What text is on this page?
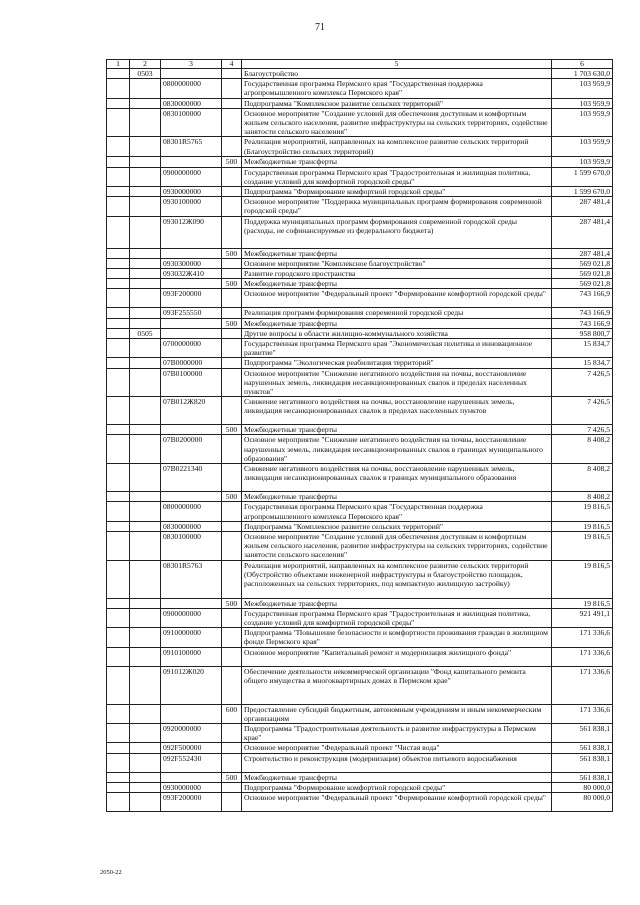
71
1	2	3	4	5	6
	0503			Благоустройство	1 703 630,0
		0800000000		Государственная программа Пермского края "Государственная поддержка агропромышленного комплекса Пермского края"	103 959,9
		0830000000		Подпрограмма "Комплексное развитие сельских территорий"	103 959,9
		0830100000		Основное мероприятие "Создание условий для обеспечения доступным и комфортным жильем сельского населения, развитие инфраструктуры на сельских территориях, содействие занятости сельского населения"	103 959,9
		08301R5765		Реализация мероприятий, направленных на комплексное развитие сельских территорий (Благоустройство сельских территорий)	103 959,9
			500	Межбюджетные трансферты	103 959,9
		0900000000		Государственная программа Пермского края "Градостроительная и жилищная политика, создание условий для комфортной городской среды"	1 599 670,0
		0930000000		Подпрограмма "Формирование комфортной городской среды"	1 599 670,0
		0930100000		Основное мероприятие "Поддержка муниципальных программ формирования современной городской среды"	287 481,4
		093012Ж090		Поддержка муниципальных программ формирования современной городской среды (расходы, не софинансируемые из федерального бюджета)	287 481,4
			500	Межбюджетные трансферты	287 481,4
		0930300000		Основное мероприятие "Комплексное благоустройство"	569 021,8
		093032Ж410		Развитие городского пространства	569 021,8
			500	Межбюджетные трансферты	569 021,8
		093F200000		Основное мероприятие "Федеральный проект "Формирование комфортной городской среды"	743 166,9
		093F255550		Реализация программ формирования современной городской среды	743 166,9
			500	Межбюджетные трансферты	743 166,9
	0505			Другие вопросы в области жилищно-коммунального хозяйства	958 800,7
		0700000000		Государственная программа Пермского края "Экономическая политика и инновационное развитие"	15 834,7
		07B0000000		Подпрограмма "Экологическая реабилитация территорий"	15 834,7
		07B0100000		Основное мероприятие "Снижение негативного воздействия на почвы, восстановление нарушенных земель, ликвидация несанкционированных свалок в пределах населенных пунктов"	7 426,5
		07B012Ж820		Снижение негативного воздействия на почвы, восстановление нарушенных земель, ликвидация несанкционированных свалок в пределах населенных пунктов	7 426,5
			500	Межбюджетные трансферты	7 426,5
		07B0200000		Основное мероприятие "Снижение негативного воздействия на почвы, восстановление нарушенных земель, ликвидация несанкционированных свалок в границах муниципального образования"	8 408,2
		07B0221340		Снижение негативного воздействия на почвы, восстановление нарушенных земель, ликвидация несанкционированных свалок в границах муниципального образования	8 408,2
			500	Межбюджетные трансферты	8 408,2
		0800000000		Государственная программа Пермского края "Государственная поддержка агропромышленного комплекса Пермского края"	19 816,5
		0830000000		Подпрограмма "Комплексное развитие сельских территорий"	19 816,5
		0830100000		Основное мероприятие "Создание условий для обеспечения доступным и комфортным жильем сельского населения, развитие инфраструктуры на сельских территориях, содействие занятости сельского населения"	19 816,5
		08301R5763		Реализация мероприятий, направленных на комплексное развитие сельских территорий (Обустройство объектами инженерной инфраструктуры и благоустройство площадок, расположенных на сельских территориях, под компактную жилищную застройку)	19 816,5
			500	Межбюджетные трансферты	19 816,5
		0900000000		Государственная программа Пермского края "Градостроительная и жилищная политика, создание условий для комфортной городской среды"	921 491,1
		0910000000		Подпрограмма "Повышение безопасности и комфортности проживания граждан в жилищном фонде Пермского края"	171 336,6
		0910100000		Основное мероприятие "Капитальный ремонт и модернизация жилищного фонда"	171 336,6
		091012Ж020		Обеспечение деятельности некоммерческой организации "Фонд капитального ремонта общего имущества в многоквартирных домах в Пермском крае"	171 336,6
			600	Предоставление субсидий бюджетным, автономным учреждениям и иным некоммерческим организациям	171 336,6
		0920000000		Подпрограмма "Градостроительная деятельность и развитие инфраструктуры в Пермском крае"	561 838,1
		092F500000		Основное мероприятие "Федеральный проект "Чистая вода"	561 838,1
		092F552430		Строительство и реконструкция (модернизация) объектов питьевого водоснабжения	561 838,1
			500	Межбюджетные трансферты	561 838,1
		0930000000		Подпрограмма "Формирование комфортной городской среды"	80 000,0
		093F200000		Основное мероприятие "Федеральный проект "Формирование комфортной городской среды"	80 000,0
2050-22
